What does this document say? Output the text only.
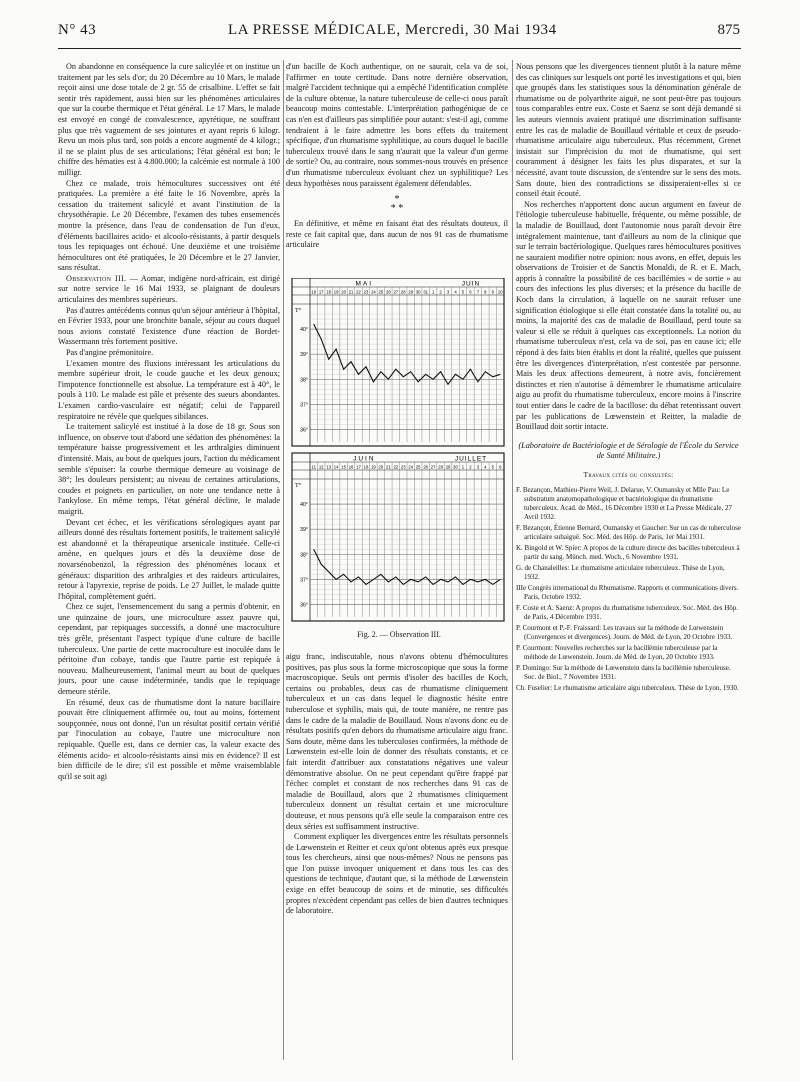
N° 43	LA PRESSE MÉDICALE, Mercredi, 30 Mai 1934	875

On abandonne en conséquence la cure salicylée et on institue un traitement par les sels d'or; du 20 Décembre au 10 Mars, le malade reçoit ainsi une dose totale de 2 gr. 55 de crisalbine. L'effet se fait sentir très rapidement, aussi bien sur les phénomènes articulaires que sur la courbe thermique et l'état général. Le 17 Mars, le malade est envoyé en congé de convalescence, apyrétique, ne souffrant plus que très vaguement de ses jointures et ayant repris 6 kilogr. Revu un mois plus tard, son poids a encore augmenté de 4 kilogr.; il ne se plaint plus de ses articulations; l'état général est bon; le chiffre des hématies est à 4.800.000; la calcémie est normale à 100 milligr.

Chez ce malade, trois hémocultures successives ont été pratiquées. La première a été faite le 16 Novembre, après la cessation du traitement salicylé et avant l'institution de la chrysothérapie. Le 20 Décembre, l'examen des tubes ensemencés montre la présence, dans l'eau de condensation de l'un d'eux, d'éléments bacillaires acido- et alcoolo-résistants, à partir desquels tous les repiquages ont échoué. Une deuxième et une troisième hémocultures ont été pratiquées, le 20 Décembre et le 27 Janvier, sans résultat.

Observation III. — Aomar, indigène nord-africain, est dirigé sur notre service le 16 Mai 1933, se plaignant de douleurs articulaires des membres supérieurs.

Pas d'autres antécédents connus qu'un séjour antérieur à l'hôpital, en Février 1933, pour une bronchite banale, séjour au cours duquel nous avions constaté l'existence d'une réaction de Bordet-Wassermann très fortement positive.

Pas d'angine prémonitoire.

L'examen montre des fluxions intéressant les articulations du membre supérieur droit, le coude gauche et les deux genoux; l'impotence fonctionnelle est absolue. La température est à 40°, le pouls à 110. Le malade est pâle et présente des sueurs abondantes. L'examen cardio-vasculaire est négatif; celui de l'appareil respiratoire ne révèle que quelques sibilances.

Le traitement salicylé est institué à la dose de 18 gr. Sous son influence, on observe tout d'abord une sédation des phénomènes: la température baisse progressivement et les arthralgies diminuent d'intensité. Mais, au bout de quelques jours, l'action du médicament semble s'épuiser: la courbe thermique demeure au voisinage de 38°; les douleurs persistent; au niveau de certaines articulations, coudes et poignets en particulier, on note une tendance nette à l'ankylose. En même temps, l'état général décline, le malade maigrit.

Devant cet échec, et les vérifications sérologiques ayant par ailleurs donné des résultats fortement positifs, le traitement salicylé est abandonné et la thérapeutique arsenicale instituée. Celle-ci amène, en quelques jours et dès la deuxième dose de novarsénobenzol, la régression des phénomènes locaux et généraux: disparition des arthralgies et des raideurs articulaires, retour à l'apyrexie, reprise de poids. Le 27 Juillet, le malade quitte l'hôpital, complètement guéri.

Chez ce sujet, l'ensemencement du sang a permis d'obtenir, en une quinzaine de jours, une microculture assez pauvre qui, cependant, par repiquages successifs, a donné une macroculture très grêle, présentant l'aspect typique d'une culture de bacille tuberculeux. Une partie de cette macroculture est inoculée dans le péritoine d'un cobaye, tandis que l'autre partie est repiquée à nouveau. Malheureusement, l'animal meurt au bout de quelques jours, pour une cause indéterminée, tandis que le repiquage demeure stérile.

En résumé, deux cas de rhumatisme dont la nature bacillaire pouvait être cliniquement affirmée ou, tout au moins, fortement soupçonnée, nous ont donné, l'un un résultat positif certain vérifié par l'inoculation au cobaye, l'autre une microculture non repiquable. Quelle est, dans ce dernier cas, la valeur exacte des éléments acido- et alcoolo-résistants ainsi mis en évidence? Il est bien difficile de le dire; s'il est possible et même vraisemblable qu'il se soit agi

d'un bacille de Koch authentique, on ne saurait, cela va de soi, l'affirmer en toute certitude. Dans notre dernière observation, malgré l'accident technique qui a empêché l'identification complète de la culture obtenue, la nature tuberculeuse de celle-ci nous paraît beaucoup moins contestable. L'interprétation pathogénique de ce cas n'en est d'ailleurs pas simplifiée pour autant: s'est-il agi, comme tendraient à le faire admettre les bons effets du traitement spécifique, d'un rhumatisme syphilitique, au cours duquel le bacille tuberculeux trouvé dans le sang n'aurait que la valeur d'un germe de sortie? Ou, au contraire, nous sommes-nous trouvés en présence d'un rhumatisme tuberculeux évoluant chez un syphilitique? Les deux hypothèses nous paraissent également défendables.

*
* *

En définitive, et même en faisant état des résultats douteux, il reste ce fait capital que, dans aucun de nos 91 cas de rhumatisme articulaire

MAI	JUIN
16 17 18 19 20 21 22 23 24 25 26 27 28 29 30 31 1 2 3 4 5 6 7 8 9 10
40°
39°
38°
37°
36°
T°
JUIN	JUILLET
11 12 13 14 15 16 17 18 19 20 21 22 23 24 25 26 27 28 29 30 1 2 3 4 5 6
40°
39°
38°
37°
36°
T°
Fig. 2. — Observation III.

aigu franc, indiscutable, nous n'avons obtenu d'hémocultures positives, pas plus sous la forme microscopique que sous la forme macroscopique. Seuls ont permis d'isoler des bacilles de Koch, certains ou probables, deux cas de rhumatisme cliniquement tuberculeux et un cas dans lequel le diagnostic hésite entre tuberculose et syphilis, mais qui, de toute manière, ne rentre pas dans le cadre de la maladie de Bouillaud. Nous n'avons donc eu de résultats positifs qu'en dehors du rhumatisme articulaire aigu franc. Sans doute, même dans les tuberculoses confirmées, la méthode de Lœwenstein est-elle loin de donner des résultats constants, et ce fait interdit d'attribuer aux constatations négatives une valeur démonstrative absolue. On ne peut cependant qu'être frappé par l'échec complet et constant de nos recherches dans 91 cas de maladie de Bouillaud, alors que 2 rhumatismes cliniquement tuberculeux donnent un résultat certain et une microculture douteuse, et nous pensons qu'à elle seule la comparaison entre ces deux séries est suffisamment instructive.

Comment expliquer les divergences entre les résultats personnels de Lœwenstein et Reitter et ceux qu'ont obtenus après eux presque tous les chercheurs, ainsi que nous-mêmes? Nous ne pensons pas que l'on puisse invoquer uniquement et dans tous les cas des questions de technique, d'autant que, si la méthode de Lœwenstein exige en effet beaucoup de soins et de minutie, ses difficultés propres n'excèdent cependant pas celles de bien d'autres techniques de laboratoire.

Nous pensons que les divergences tiennent plutôt à la nature même des cas cliniques sur lesquels ont porté les investigations et qui, bien que groupés dans les statistiques sous la dénomination générale de rhumatisme ou de polyarthrite aiguë, ne sont peut-être pas toujours tous comparables entre eux. Coste et Saenz se sont déjà demandé si les auteurs viennois avaient pratiqué une discrimination suffisante entre les cas de maladie de Bouillaud véritable et ceux de pseudo-rhumatisme articulaire aigu tuberculeux. Plus récemment, Grenet insistait sur l'imprécision du mot de rhumatisme, qui sert couramment à désigner les faits les plus disparates, et sur la nécessité, avant toute discussion, de s'entendre sur le sens des mots. Sans doute, bien des contradictions se dissiperaient-elles si ce conseil était écouté.

Nos recherches n'apportent donc aucun argument en faveur de l'étiologie tuberculeuse habituelle, fréquente, ou même possible, de la maladie de Bouillaud, dont l'autonomie nous paraît devoir être intégralement maintenue, tant d'ailleurs au nom de la clinique que sur le terrain bactériologique. Quelques rares hémocultures positives ne sauraient modifier notre opinion: nous avons, en effet, depuis les observations de Troisier et de Sanctis Monaldi, de R. et E. Mach, appris à connaître la possibilité de ces bacillémies « de sortie » au cours des infections les plus diverses; et la présence du bacille de Koch dans la circulation, à laquelle on ne saurait refuser une signification étiologique si elle était constatée dans la totalité ou, au moins, la majorité des cas de maladie de Bouillaud, perd toute sa valeur si elle se réduit à quelques cas exceptionnels. La notion du rhumatisme tuberculeux n'est, cela va de soi, pas en cause ici; elle répond à des faits bien établis et dont la réalité, quelles que puissent être les divergences d'interprétation, n'est contestée par personne. Mais les deux affections demeurent, à notre avis, foncièrement distinctes et rien n'autorise à démembrer le rhumatisme articulaire aigu au profit du rhumatisme tuberculeux, encore moins à l'inscrire tout entier dans le cadre de la bacillose: du débat retentissant ouvert par les publications de Lœwenstein et Reitter, la maladie de Bouillaud doit sortir intacte.

(Laboratoire de Bactériologie et de Sérologie de l'École du Service de Santé Militaire.)

Travaux cités ou consultés:

F. Bezançon, Mathieu-Pierre Weil, J. Delarue, V. Oumansky et Mlle Pau: Le substratum anatomopathologique et bactériologique du rhumatisme tuberculeux. Acad. de Méd., 16 Décembre 1930 et La Presse Médicale, 27 Avril 1932.

F. Bezançon, Étienne Bernard, Oumansky et Gaucher: Sur un cas de tuberculose articulaire subaiguë. Soc. Méd. des Hôp. de Paris, 1er Mai 1931.

K. Bingold et W. Spier: A propos de la culture directe des bacilles tuberculeux à partir du sang. Münch. med. Woch., 6 Novembre 1931.

G. de Chanaleilles: Le rhumatisme articulaire tuberculeux. Thèse de Lyon, 1932.

IIIe Congrès international du Rhumatisme. Rapports et communications divers. Paris, Octobre 1932.

F. Coste et A. Saenz: A propos du rhumatisme tuberculeux. Soc. Méd. des Hôp. de Paris, 4 Décembre 1931.

P. Courmont et P.-F. Fraissard: Les travaux sur la méthode de Lœwenstein (Convergences et divergences). Journ. de Méd. de Lyon, 20 Octobre 1933.

P. Courmont: Nouvelles recherches sur la bacillémie tuberculeuse par la méthode de Lœwenstein. Journ. de Méd. de Lyon, 20 Octobre 1933.

P. Domingo: Sur la méthode de Lœwenstein dans la bacillémie tuberculeuse. Soc. de Biol., 7 Novembre 1931.

Ch. Fuselier: Le rhumatisme articulaire aigu tuberculeux. Thèse de Lyon, 1930.
